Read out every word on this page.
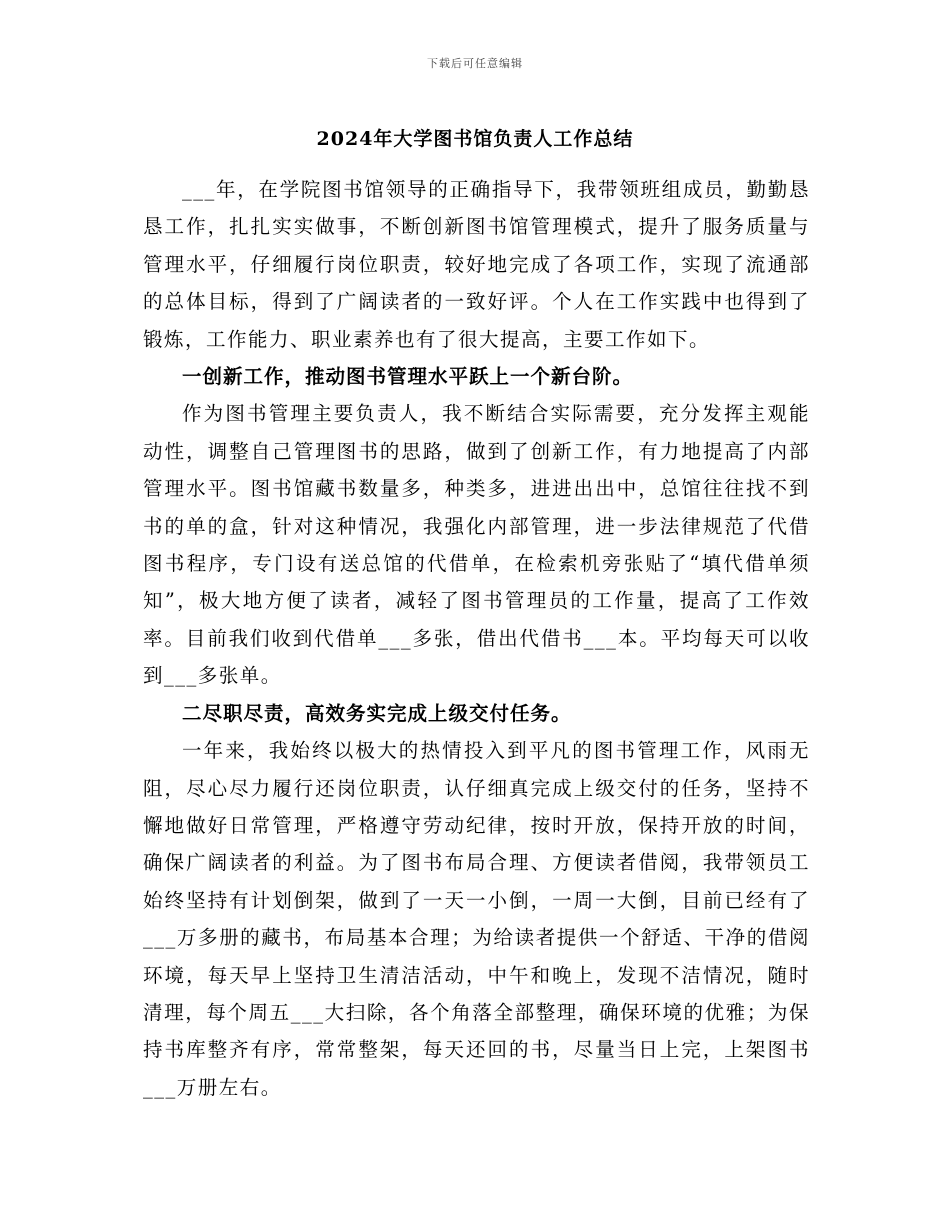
下载后可任意编辑
2024年大学图书馆负责人工作总结

___年，在学院图书馆领导的正确指导下，我带领班组成员，勤勤恳恳工作，扎扎实实做事，不断创新图书馆管理模式，提升了服务质量与管理水平，仔细履行岗位职责，较好地完成了各项工作，实现了流通部的总体目标，得到了广阔读者的一致好评。个人在工作实践中也得到了锻炼，工作能力、职业素养也有了很大提高，主要工作如下。

一创新工作，推动图书管理水平跃上一个新台阶。

作为图书管理主要负责人，我不断结合实际需要，充分发挥主观能动性，调整自己管理图书的思路，做到了创新工作，有力地提高了内部管理水平。图书馆藏书数量多，种类多，进进出出中，总馆往往找不到书的单的盒，针对这种情况，我强化内部管理，进一步法律规范了代借图书程序，专门设有送总馆的代借单，在检索机旁张贴了“填代借单须知”，极大地方便了读者，减轻了图书管理员的工作量，提高了工作效率。目前我们收到代借单___多张，借出代借书___本。平均每天可以收到___多张单。

二尽职尽责，高效务实完成上级交付任务。

一年来，我始终以极大的热情投入到平凡的图书管理工作，风雨无阻，尽心尽力履行还岗位职责，认仔细真完成上级交付的任务，坚持不懈地做好日常管理，严格遵守劳动纪律，按时开放，保持开放的时间，确保广阔读者的利益。为了图书布局合理、方便读者借阅，我带领员工始终坚持有计划倒架，做到了一天一小倒，一周一大倒，目前已经有了___万多册的藏书，布局基本合理；为给读者提供一个舒适、干净的借阅环境，每天早上坚持卫生清洁活动，中午和晚上，发现不洁情况，随时清理，每个周五___大扫除，各个角落全部整理，确保环境的优雅；为保持书库整齐有序，常常整架，每天还回的书，尽量当日上完，上架图书___万册左右。
